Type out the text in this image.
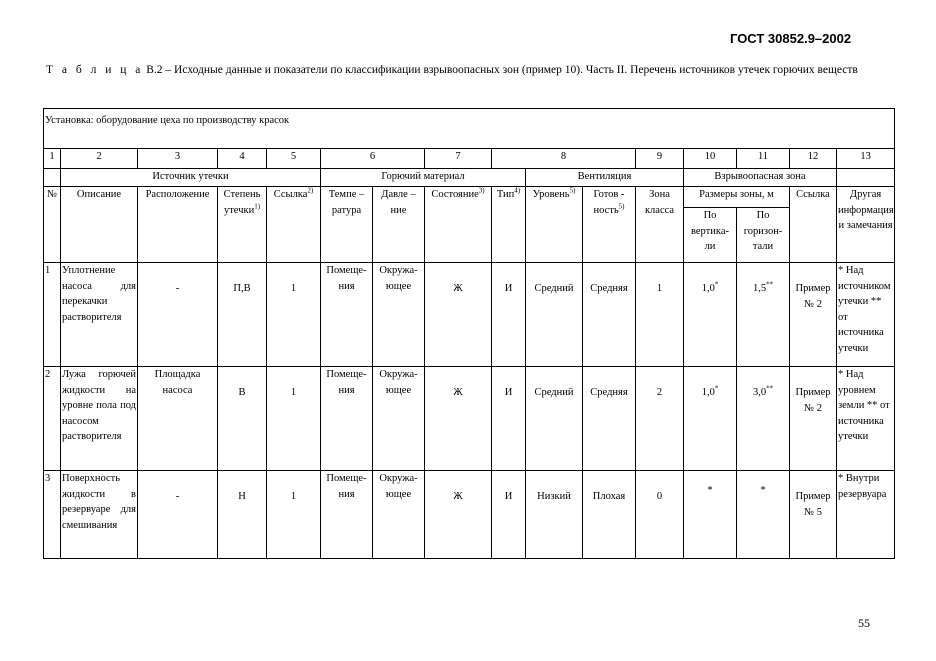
ГОСТ 30852.9–2002
Т а б л и ц а В.2 – Исходные данные и показатели по классификации взрывоопасных зон (пример 10). Часть II. Перечень источников утечек горючих веществ
Установка: оборудование цеха по производству красок															
1	2	3	4	5	6		7	8			9	10	11	12	13
	Источник утечки				Горючий материал				Вентиляция			Взрывоопасная зона			
№	Описание	Расположение	Степень утечки$^{1)}$	Ссылка$^{2)}$	Темпе – ратура	Давле – ние	Состояние$^{3)}$	Тип$^{4)}$	Уровень$^{5)}$	Готов - ность$^{5)}$	Зона класса	Размеры зоны, м		Ссылка	Другая информация и замечания
												По вертика- ли	По горизон- тали		
1	Уплотнение насоса для перекачки растворителя	-	П,В	1	Помеще- ния	Окружа- ющее	Ж	И	Средний	Средняя	1	1,0*	1,5**	Пример № 2	* Над источником утечки ** от источника утечки
2	Лужа горючей жидкости на уровне пола под насосом растворителя	Площадка насоса	В	1	Помеще- ния	Окружа- ющее	Ж	И	Средний	Средняя	2	1,0*	3,0**	Пример № 2	* Над уровнем земли ** от источника утечки
3	Поверхность жидкости в резервуаре для смешивания	-	Н	1	Помеще- ния	Окружа- ющее	Ж	И	Низкий	Плохая	0	*	*	Пример № 5	* Внутри резервуара
55
